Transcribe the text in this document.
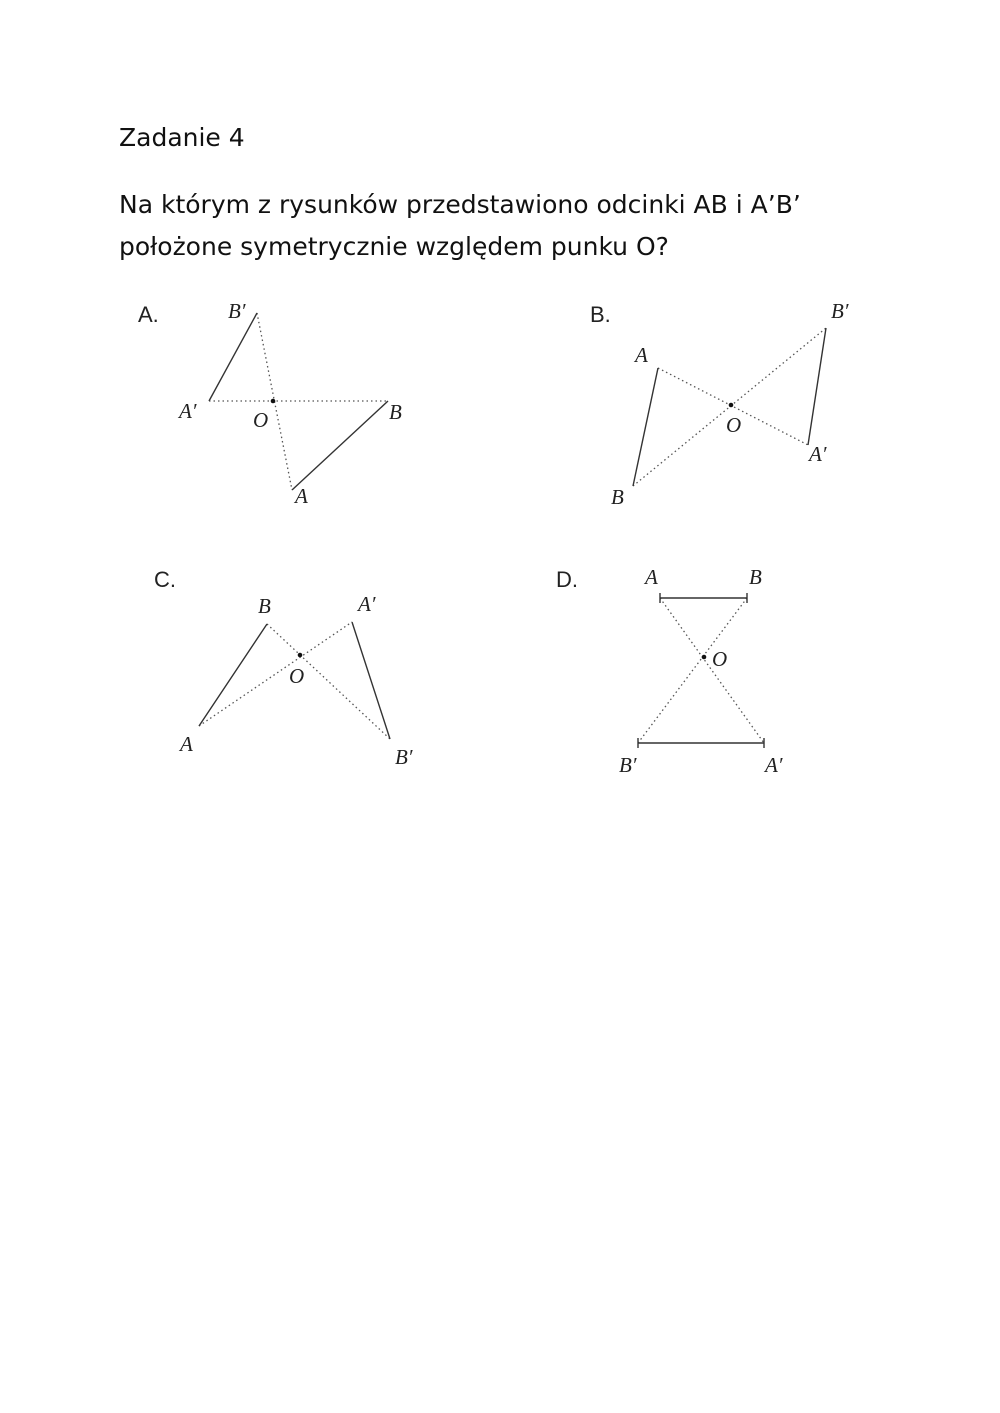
Zadanie 4
Na którym z rysunków przedstawiono odcinki AB i A’B’
położone symetrycznie względem punku O?
A.	B′
A′	O	B
A
B.
A
B
O
B′
A′
C.
B	A′
O
A
B′
D.	A	B
O
B′	A′
